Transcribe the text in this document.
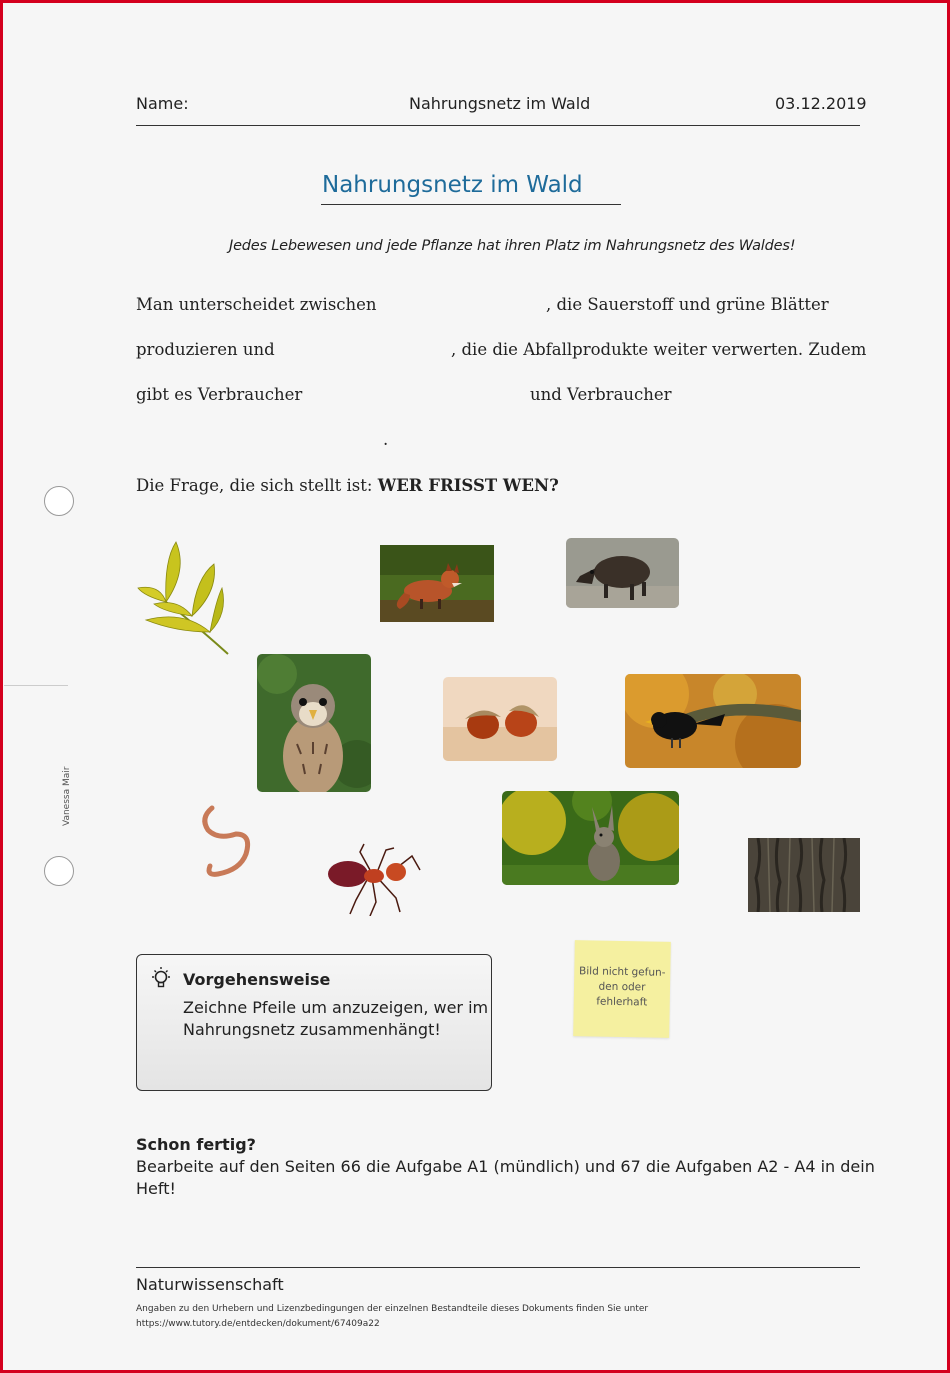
Name:	Nahrungsnetz im Wald	03.12.2019
Nahrungsnetz im Wald
Jedes Lebewesen und jede Pflanze hat ihren Platz im Nahrungsnetz des Waldes!
Man unterscheidet zwischen	, die Sauerstoff und grüne Blätter
produzieren und	, die die Abfallprodukte weiter verwerten. Zudem
gibt es Verbraucher	und Verbraucher
.
Die Frage, die sich stellt ist: WER FRISST WEN?
Vanessa Mair
Vorgehensweise
Zeichne Pfeile um anzuzeigen, wer im
Nahrungsnetz zusammenhängt!
Bild nicht gefun-
den oder
fehlerhaft
Schon fertig?
Bearbeite auf den Seiten 66 die Aufgabe A1 (mündlich) und 67 die Aufgaben A2 - A4 in dein
Heft!
Naturwissenschaft
Angaben zu den Urhebern und Lizenzbedingungen der einzelnen Bestandteile dieses Dokuments finden Sie unter
https://www.tutory.de/entdecken/dokument/67409a22
